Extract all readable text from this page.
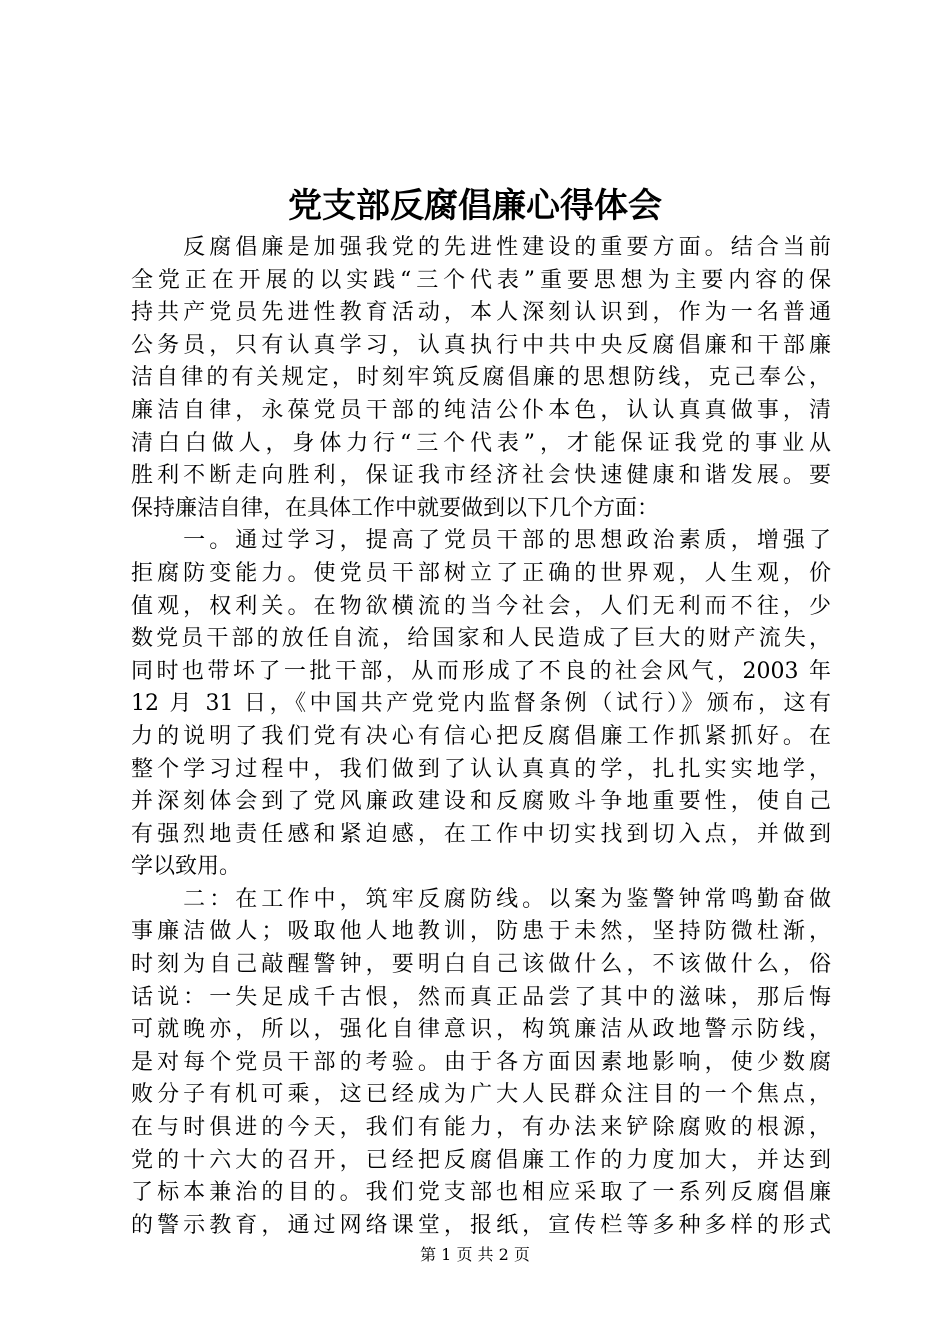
党支部反腐倡廉心得体会
　　反腐倡廉是加强我党的先进性建设的重要方面。结合当前
全党正在开展的以实践“三个代表”重要思想为主要内容的保
持共产党员先进性教育活动，本人深刻认识到，作为一名普通
公务员，只有认真学习，认真执行中共中央反腐倡廉和干部廉
洁自律的有关规定，时刻牢筑反腐倡廉的思想防线，克己奉公，
廉洁自律，永葆党员干部的纯洁公仆本色，认认真真做事，清
清白白做人，身体力行“三个代表”，才能保证我党的事业从
胜利不断走向胜利，保证我市经济社会快速健康和谐发展。要
保持廉洁自律，在具体工作中就要做到以下几个方面：
　　一。通过学习，提高了党员干部的思想政治素质，增强了
拒腐防变能力。使党员干部树立了正确的世界观，人生观，价
值观，权利关。在物欲横流的当今社会，人们无利而不往，少
数党员干部的放任自流，给国家和人民造成了巨大的财产流失，
同时也带坏了一批干部，从而形成了不良的社会风气，2003 年
12 月 31 日，《中国共产党党内监督条例（试行）》颁布，这有
力的说明了我们党有决心有信心把反腐倡廉工作抓紧抓好。在
整个学习过程中，我们做到了认认真真的学，扎扎实实地学，
并深刻体会到了党风廉政建设和反腐败斗争地重要性，使自己
有强烈地责任感和紧迫感，在工作中切实找到切入点，并做到
学以致用。
　　二：在工作中，筑牢反腐防线。以案为鉴警钟常鸣勤奋做
事廉洁做人；吸取他人地教训，防患于未然，坚持防微杜渐，
时刻为自己敲醒警钟，要明白自己该做什么，不该做什么，俗
话说：一失足成千古恨，然而真正品尝了其中的滋味，那后悔
可就晚亦，所以，强化自律意识，构筑廉洁从政地警示防线，
是对每个党员干部的考验。由于各方面因素地影响，使少数腐
败分子有机可乘，这已经成为广大人民群众注目的一个焦点，
在与时俱进的今天，我们有能力，有办法来铲除腐败的根源，
党的十六大的召开，已经把反腐倡廉工作的力度加大，并达到
了标本兼治的目的。我们党支部也相应采取了一系列反腐倡廉
的警示教育，通过网络课堂，报纸，宣传栏等多种多样的形式
第 1 页 共 2 页
